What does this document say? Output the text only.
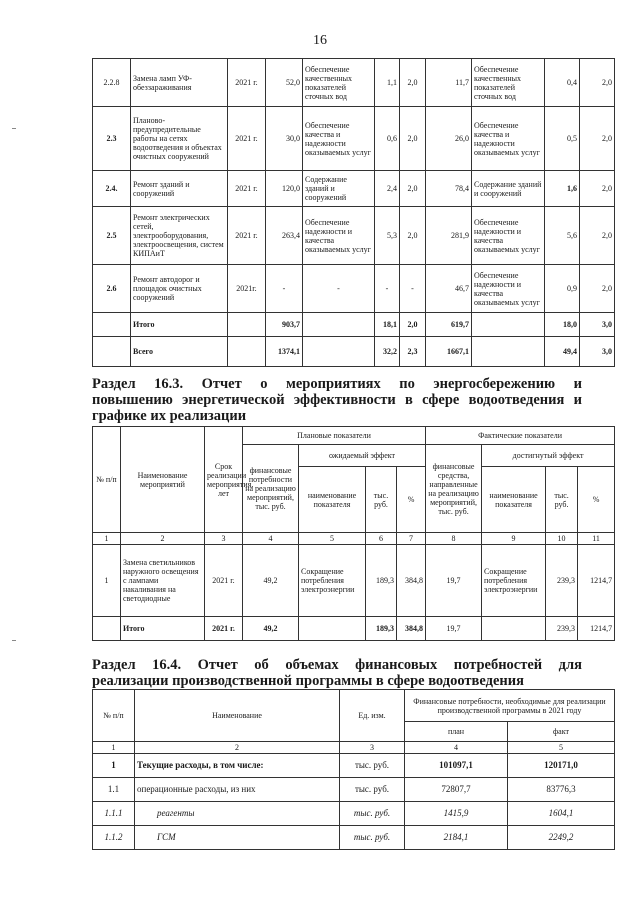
16
2.2.8	Замена ламп УФ-обеззараживания	2021 г.	52,0	Обеспечение качественных показателей сточных вод	1,1	2,0	11,7	Обеспечение качественных показателей сточных вод	0,4	2,0
2.3	Планово-предупредительные работы на сетях водоотведения и объектах очистных сооружений	2021 г.	30,0	Обеспечение качества и надежности оказываемых услуг	0,6	2,0	26,0	Обеспечение качества и надежности оказываемых услуг	0,5	2,0
2.4.	Ремонт зданий и сооружений	2021 г.	120,0	Содержание зданий и сооружений	2,4	2,0	78,4	Содержание зданий и сооружений	1,6	2,0
2.5	Ремонт электрических сетей, электрооборудования, электроосвещения, систем КИПАиТ	2021 г.	263,4	Обеспечение надежности и качества оказываемых услуг	5,3	2,0	281,9	Обеспечение надежности и качества оказываемых услуг	5,6	2,0
2.6	Ремонт автодорог и площадок очистных сооружений	2021г.	-	-	-	-	46,7	Обеспечение надежности и качества оказываемых услуг	0,9	2,0
	Итого		903,7		18,1	2,0	619,7		18,0	3,0
	Всего		1374,1		32,2	2,3	1667,1		49,4	3,0
Раздел 16.3. Отчет о мероприятиях по энергосбережению и
повышению энергетической эффективности в сфере водоотведения и
графике их реализации
№ п/п	Наименование мероприятий	Срок реализации мероприятия, лет	Плановые показатели				Фактические показатели			
			финансовые потребности на реализацию мероприятий, тыс. руб.	ожидаемый эффект			финансовые средства, направленные на реализацию мероприятий, тыс. руб.	достигнутый эффект		
				наименование показателя	тыс. руб.	%		наименование показателя	тыс. руб.	%
1	2	3	4	5	6	7	8	9	10	11
1	Замена светильников наружного освещения с лампами накаливания на светодиодные	2021 г.	49,2	Сокращение потребления электроэнергии	189,3	384,8	19,7	Сокращение потребления электроэнергии	239,3	1214,7
	Итого	2021 г.	49,2		189,3	384,8	19,7		239,3	1214,7
Раздел 16.4. Отчет об объемах финансовых потребностей для
реализации производственной программы в сфере водоотведения
№ п/п	Наименование	Ед. изм.	Финансовые потребности, необходимые для реализации производственной программы в 2021 году	
			план	факт
1	2	3	4	5
1	Текущие расходы, в том числе:	тыс. руб.	101097,1	120171,0
1.1	операционные расходы, из них	тыс. руб.	72807,7	83776,3
1.1.1	реагенты	тыс. руб.	1415,9	1604,1
1.1.2	ГСМ	тыс. руб.	2184,1	2249,2
